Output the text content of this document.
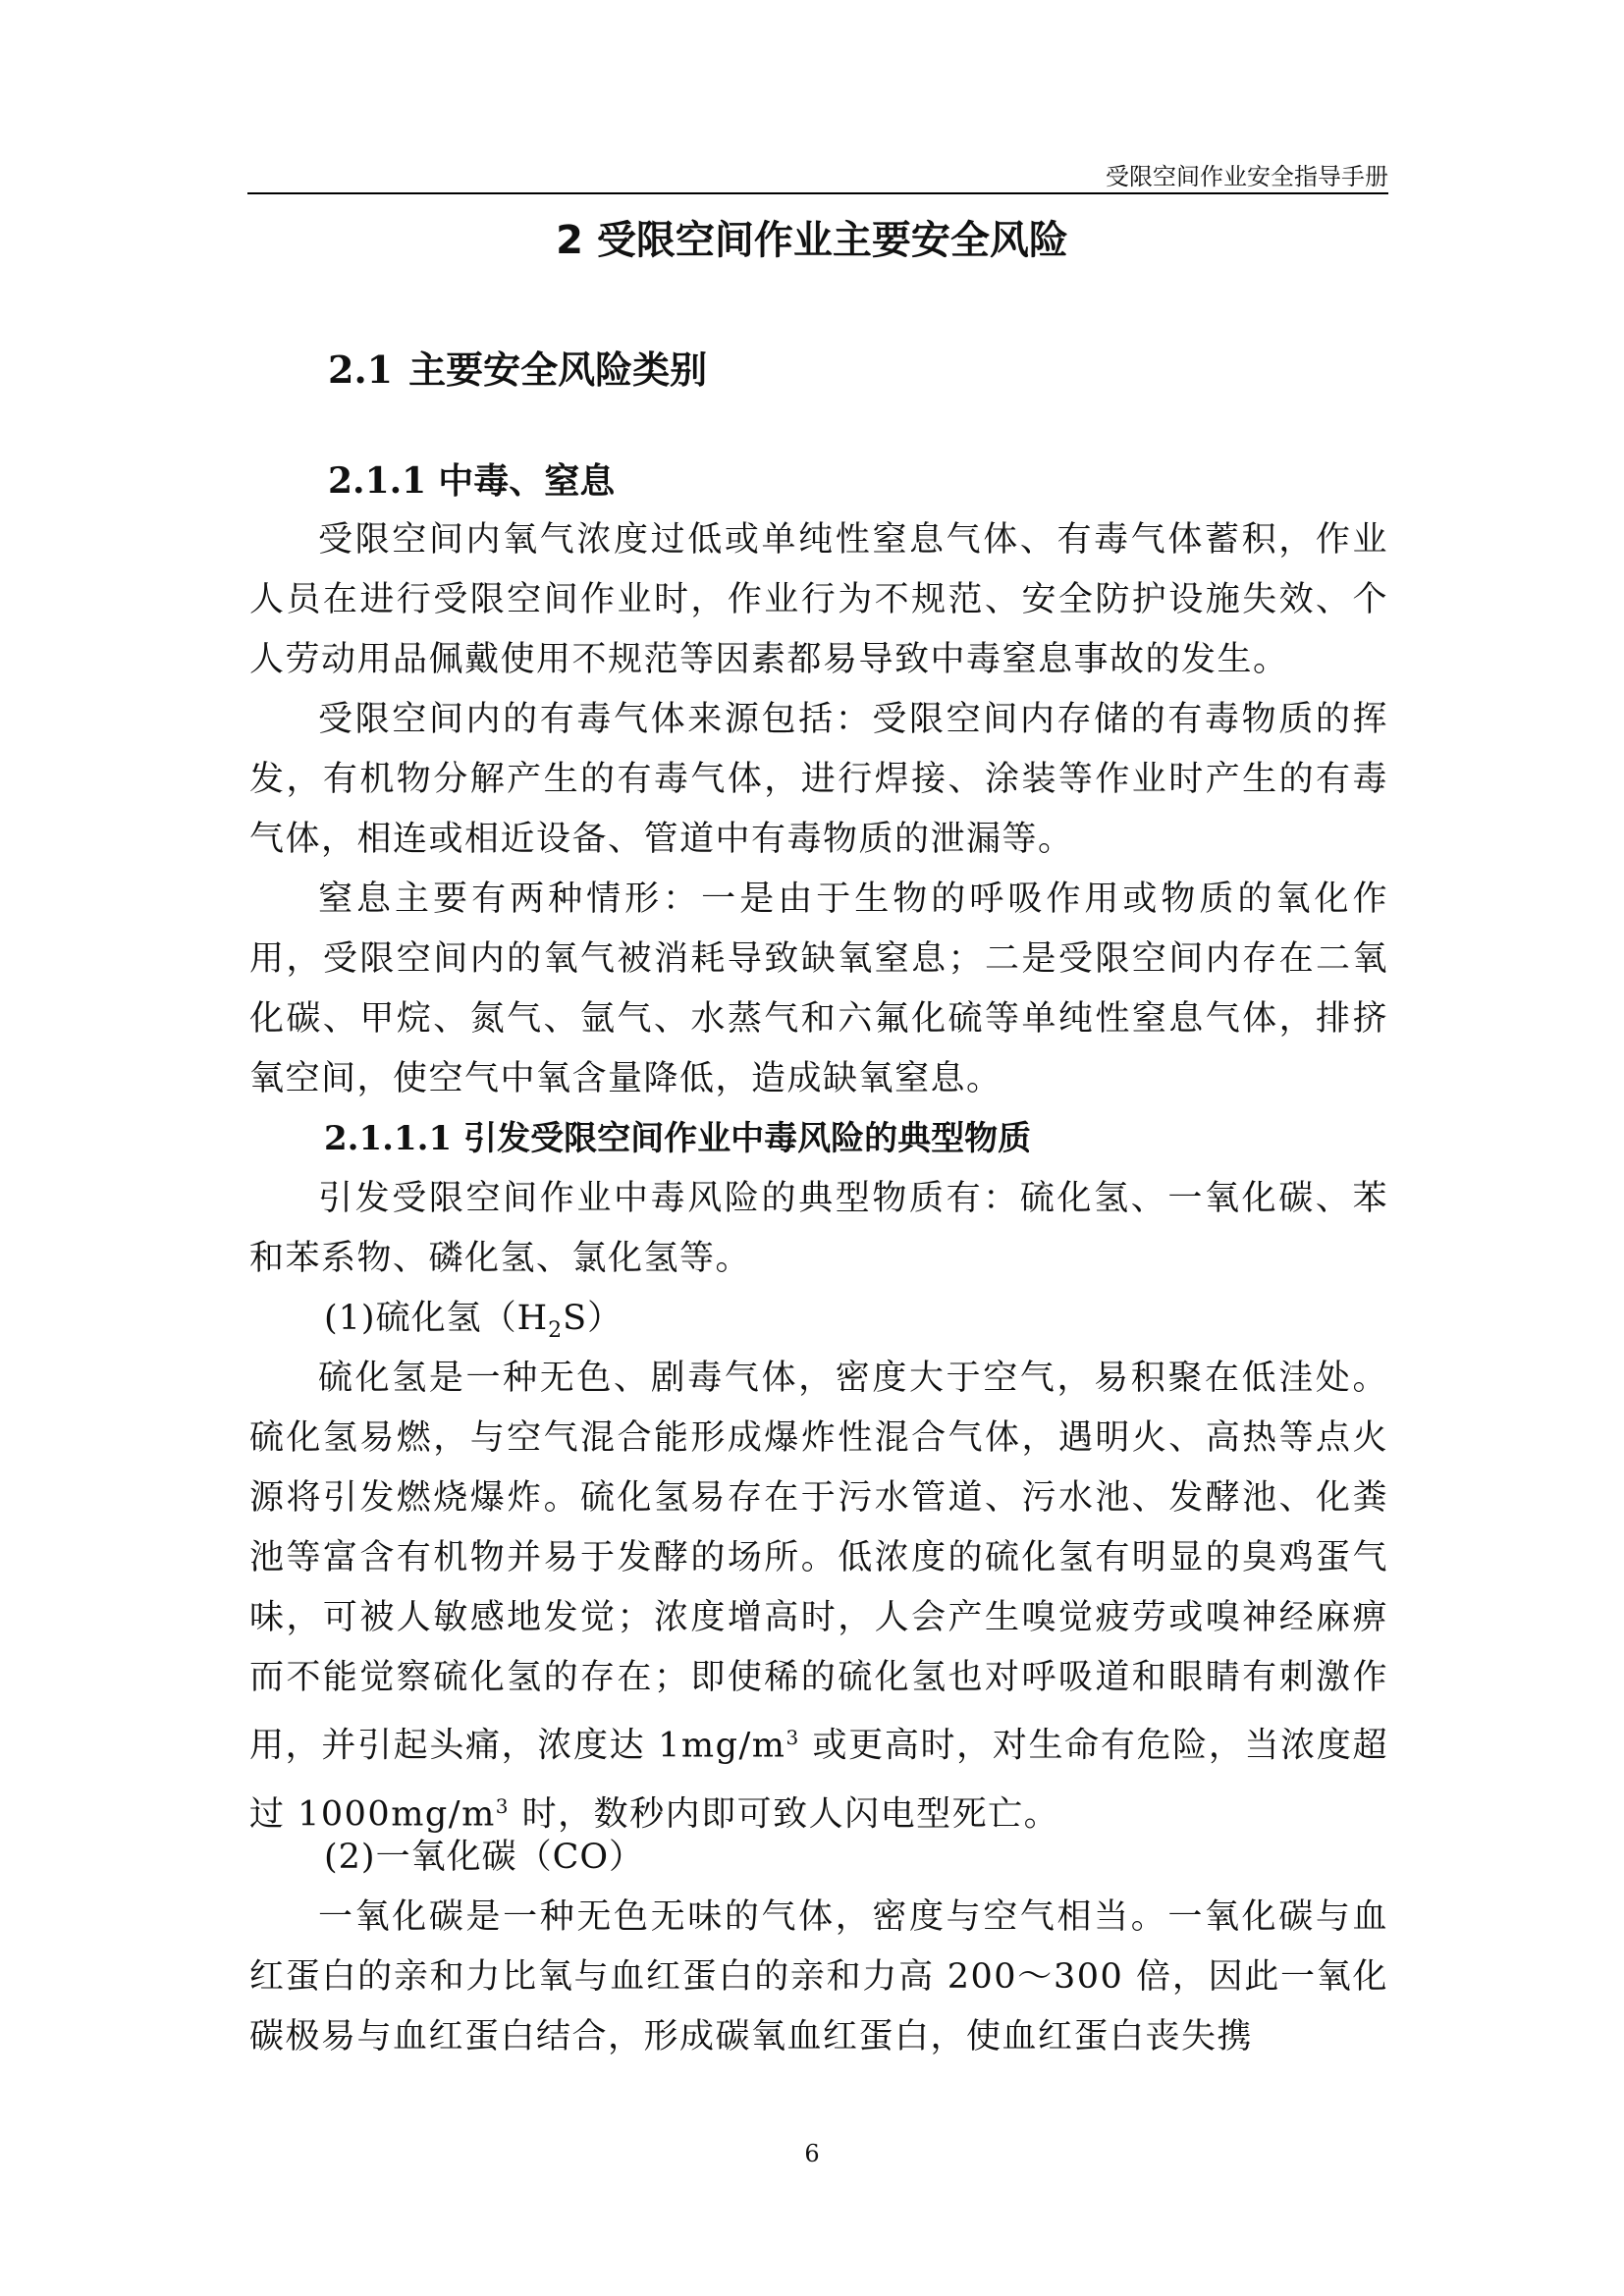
受限空间作业安全指导手册
2 受限空间作业主要安全风险
2.1 主要安全风险类别
2.1.1 中毒、窒息

受限空间内氧气浓度过低或单纯性窒息气体、有毒气体蓄积，作业人员在进行受限空间作业时，作业行为不规范、安全防护设施失效、个人劳动用品佩戴使用不规范等因素都易导致中毒窒息事故的发生。

受限空间内的有毒气体来源包括：受限空间内存储的有毒物质的挥发，有机物分解产生的有毒气体，进行焊接、涂装等作业时产生的有毒气体，相连或相近设备、管道中有毒物质的泄漏等。

窒息主要有两种情形：一是由于生物的呼吸作用或物质的氧化作用，受限空间内的氧气被消耗导致缺氧窒息；二是受限空间内存在二氧化碳、甲烷、氮气、氩气、水蒸气和六氟化硫等单纯性窒息气体，排挤氧空间，使空气中氧含量降低，造成缺氧窒息。

2.1.1.1 引发受限空间作业中毒风险的典型物质

引发受限空间作业中毒风险的典型物质有：硫化氢、一氧化碳、苯和苯系物、磷化氢、氯化氢等。

(1)硫化氢$(H_2S)$

硫化氢是一种无色、剧毒气体，密度大于空气，易积聚在低洼处。硫化氢易燃，与空气混合能形成爆炸性混合气体，遇明火、高热等点火源将引发燃烧爆炸。硫化氢易存在于污水管道、污水池、发酵池、化粪池等富含有机物并易于发酵的场所。低浓度的硫化氢有明显的臭鸡蛋气味，可被人敏感地发觉；浓度增高时，人会产生嗅觉疲劳或嗅神经麻痹而不能觉察硫化氢的存在；即使稀的硫化氢也对呼吸道和眼睛有刺激作用，并引起头痛，浓度达 $1mg/m^3$ 或更高时，对生命有危险，当浓度超过 $1000mg/m^3$ 时，数秒内即可致人闪电型死亡。

(2)一氧化碳（CO）

一氧化碳是一种无色无味的气体，密度与空气相当。一氧化碳与血红蛋白的亲和力比氧与血红蛋白的亲和力高 200～300 倍，因此一氧化碳极易与血红蛋白结合，形成碳氧血红蛋白，使血红蛋白丧失携

6
